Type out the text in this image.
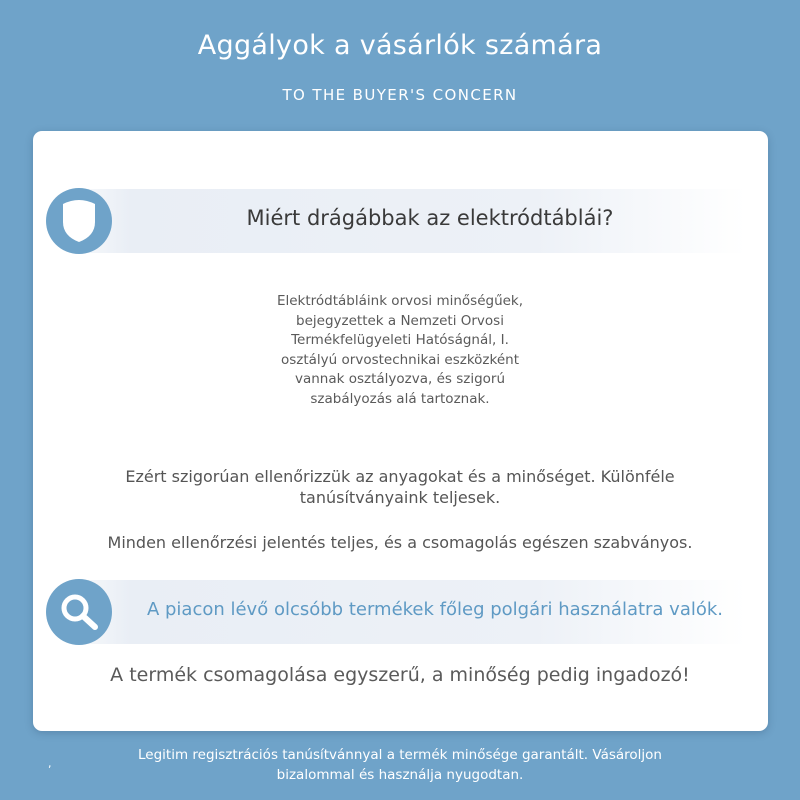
Aggályok a vásárlók számára
TO THE BUYER'S CONCERN
Miért drágábbak az elektródtáblái?
Elektródtábláink orvosi minőségűek,
bejegyzettek a Nemzeti Orvosi
Termékfelügyeleti Hatóságnál, I.
osztályú orvostechnikai eszközként
vannak osztályozva, és szigorú
szabályozás alá tartoznak.
Ezért szigorúan ellenőrizzük az anyagokat és a minőséget. Különféle
tanúsítványaink teljesek.
Minden ellenőrzési jelentés teljes, és a csomagolás egészen szabványos.
A piacon lévő olcsóbb termékek főleg polgári használatra valók.
A termék csomagolása egyszerű, a minőség pedig ingadozó!
,
Legitim regisztrációs tanúsítvánnyal a termék minősége garantált. Vásároljon
bizalommal és használja nyugodtan.
